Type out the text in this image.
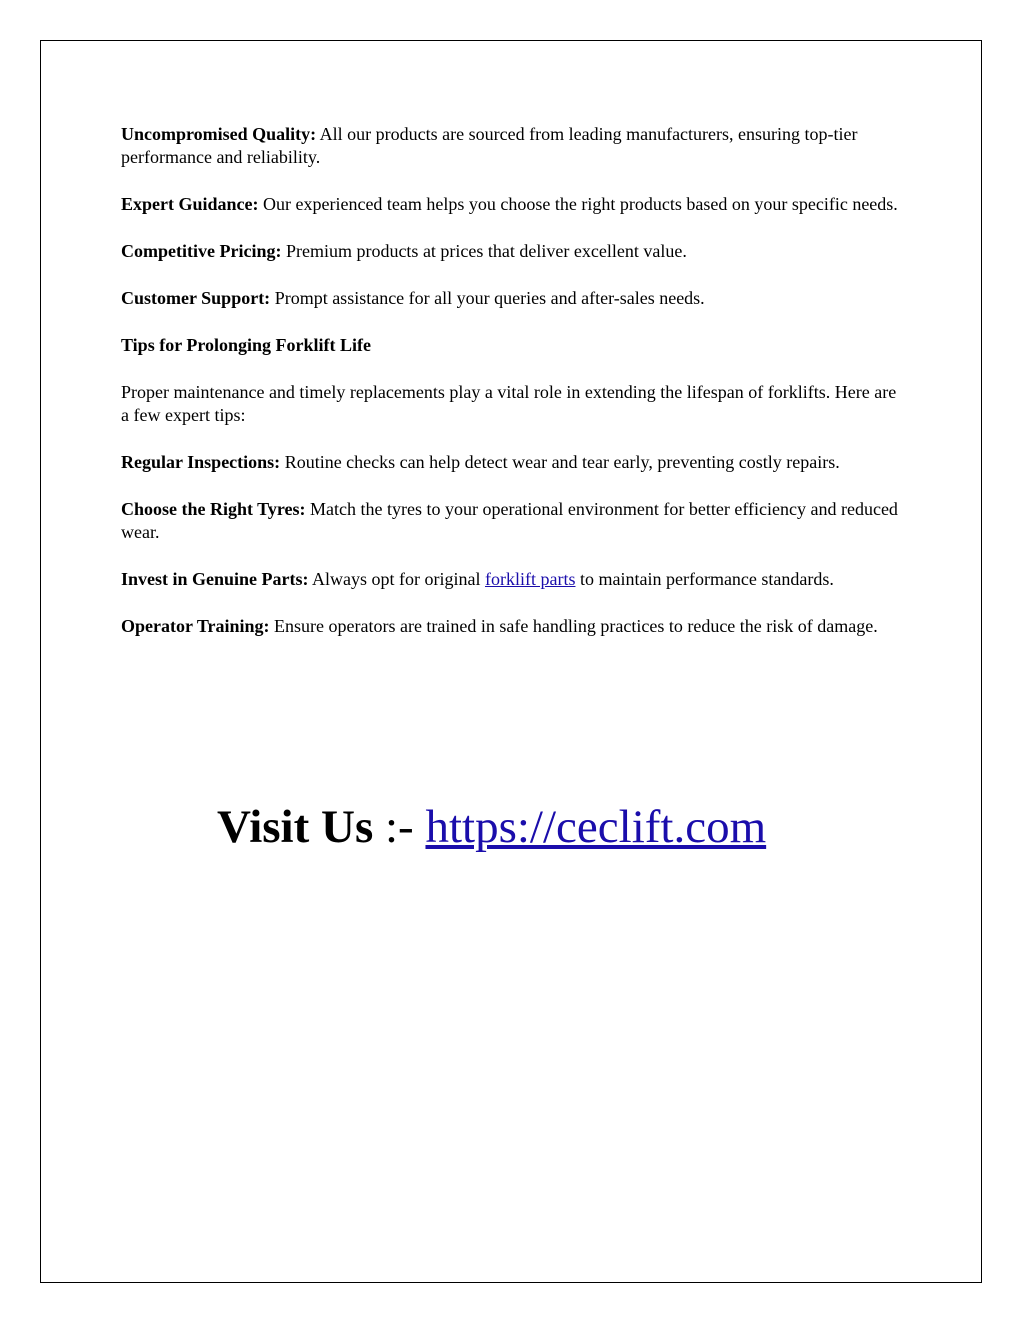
Uncompromised Quality: All our products are sourced from leading manufacturers, ensuring top-tier performance and reliability.

Expert Guidance: Our experienced team helps you choose the right products based on your specific needs.

Competitive Pricing: Premium products at prices that deliver excellent value.

Customer Support: Prompt assistance for all your queries and after-sales needs.

Tips for Prolonging Forklift Life

Proper maintenance and timely replacements play a vital role in extending the lifespan of forklifts. Here are a few expert tips:

Regular Inspections: Routine checks can help detect wear and tear early, preventing costly repairs.

Choose the Right Tyres: Match the tyres to your operational environment for better efficiency and reduced wear.

Invest in Genuine Parts: Always opt for original forklift parts to maintain performance standards.

Operator Training: Ensure operators are trained in safe handling practices to reduce the risk of damage.

Visit Us :- https://ceclift.com
